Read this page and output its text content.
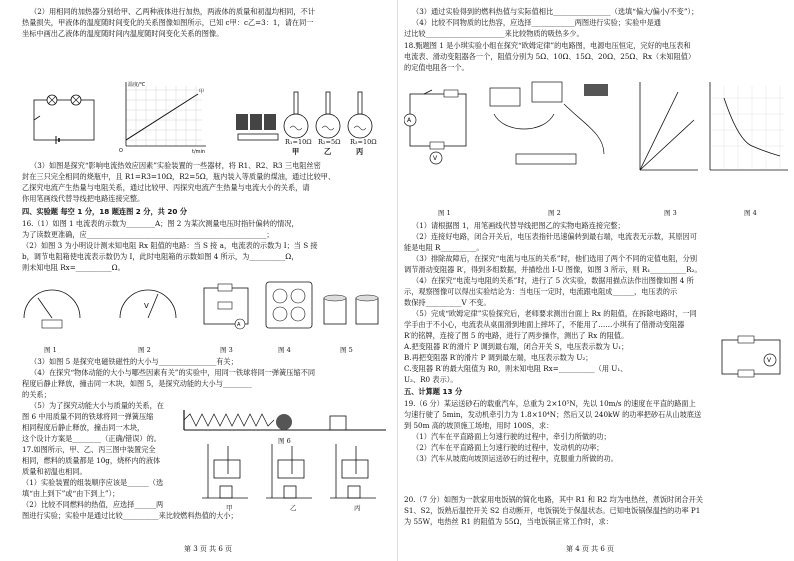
（2）用相同的加热器分别给甲、乙两种液体进行加热，两液体的质量和初温均相同，不计
热量损失，甲液体的温度随时间变化的关系图像如图所示，已知 c甲：c乙=3：1，请在同一
坐标中画出乙液体的温度随时间内温度随时间变化关系的图像。
温度/℃
t/min
O
甲
R₁=10Ω R₂=5Ω R₃=10Ω
甲	乙	丙
（3）如图是探究“影响电流热效应因素”实验装置的一些器材，将 R1、R2、R3 三电阻丝密
封在三只完全相同的烧瓶中，且 R1=R3=10Ω，R2=5Ω，瓶内装入等质量的煤油，通过比较甲、
乙探究电流产生热量与电阻关系，通过比较甲、丙探究电流产生热量与电流大小的关系，请
你用笔画线代替导线把电路连接完整。
四、实验题 每空 1 分，18 题连图 2 分，共 20 分
16.（1）如图 1 电流表的示数为________A；图 2 为某次测量电压时指针偏转的情况，
为了读数更准确，应__________________________________________________；
（2）如图 3 为小明设计测未知电阻 Rx 阻值的电路：当 S 接 a，电流表的示数为 I；当 S 接
b，调节电阻箱使电流表示数仍为 I，此时电阻箱的示数如图 4 所示，为__________Ω，
则未知电阻 Rx=__________Ω。
V
A
图 1	图 2	图 3	图 4	图 5
（3）如图 5 是探究电磁铁磁性的大小与________________有关；
（4）在探究“物体动能的大小与哪些因素有关”的实验中，用同一铁球将同一弹簧压缩不同
程度后静止释放，撞击同一木块，如图 5，是探究动能的大小与________
的关系；
（5）为了探究动能大小与质量的关系，在
图 6 中用质量不同的铁球将同一弹簧压缩
相同程度后静止释放，撞击同一木块，
这个设计方案是________（正确/错误）的。	图 6
17.如图所示，甲、乙、丙三图中装置完全
相同，燃料的质量都是 10g，烧杯内的液体
质量和初温也相同。
（1）实验装置的组装顺序应该是______（选
填“由上到下”或“由下到上”）；
（2）比较不同燃料的热值，应选择______两
图进行实验；实验中是通过比较__________来比较燃料热值的大小；
甲	乙	丙
第 3 页 共 6 页
（3）通过实验得到的燃料热值与实际值相比________________（选填“偏大/偏小/不变”）；
（4）比较不同物质的比热容，应选择____________两图进行实验；实验中是通
过比较______________________来比较物质的吸热多少。
18.甄题图 1 是小琪实验小组在探究“欧姆定律”的电路图，电源电压恒定，完好的电压表和
电流表、滑动变阻器各一个，阻值分别为 5Ω、10Ω、15Ω、20Ω、25Ω、Rx（未知阻值）
的定值电阻各一个。
A
V
图 1	图 2	图 3	图 4
（1）请根据图 1，用笔画线代替导线把图乙的实物电路连接完整；
（2）连接好电路，闭合开关后，电压表指针迅速偏转到最右端，电流表无示数，其原因可
能是电阻 R__________。
（3）排除故障后，在探究“电流与电压的关系”时，他们选用了两个不同的定值电阻，分别
调节滑动变阻器 R′，得到多组数据，并描绘出 I-U 图像，如图 3 所示，则 R₁__________R₂。
（4）在探究“电流与电阻的关系”时，进行了 5 次实验，数据用描点法作出图像如图 4 所
示，观察图像可以得出实验结论为：当电压一定时，电流跟电阻成______，电压表的示
数保持__________V 不变。
（5）完成“欧姆定律”实验探究后，老师要求测出台面上 Rx 的阻值，在拆除电路时，一同
学手由于不小心，电流表从桌面滑到地面上摔坏了，不能用了……小琪有了借滑动变阻器
R′的铭牌，连接了图 5 的电路，进行了两步操作，测出了 Rx 的阻值。
A.把变阻器 R′的滑片 P 调到最右端，闭合开关 S，电压表示数为 U₁；
B.再把变阻器 R′的滑片 P 调到最左端，电压表示数为 U₂；
C.变阻器 R′的最大阻值为 R0，则未知电阻 Rx=__________（用 U₁、
U₂、R0 表示）。
V
五、计算题 13 分
19.（6 分）某运送砂石的载重汽车，总重为 2×10⁵N，先以 10m/s 的速度在平直的路面上
匀速行驶了 5min，发动机牵引力为 1.8×10⁴N；然后又以 240kW 的功率把砂石从山坡底送
到 50m 高的坡顶施工场地，用时 100S，求：
（1）汽车在平直路面上匀速行驶的过程中，牵引力所做的功；
（2）汽车在平直路面上匀速行驶的过程中，发动机的功率；
（3）汽车从坡底向坡顶运送砂石的过程中，克服重力所做的功。
20.（7 分）如图为一款家用电饭锅的简化电路，其中 R1 和 R2 均为电热丝，煮饭时闭合开关
S1、S2，饭熟后温控开关 S2 自动断开，电饭锅处于保温状态。已知电饭锅保温挡的功率 P1
为 55W，电热丝 R1 的阻值为 55Ω，当电饭锅正常工作时，求：
第 4 页 共 6 页
